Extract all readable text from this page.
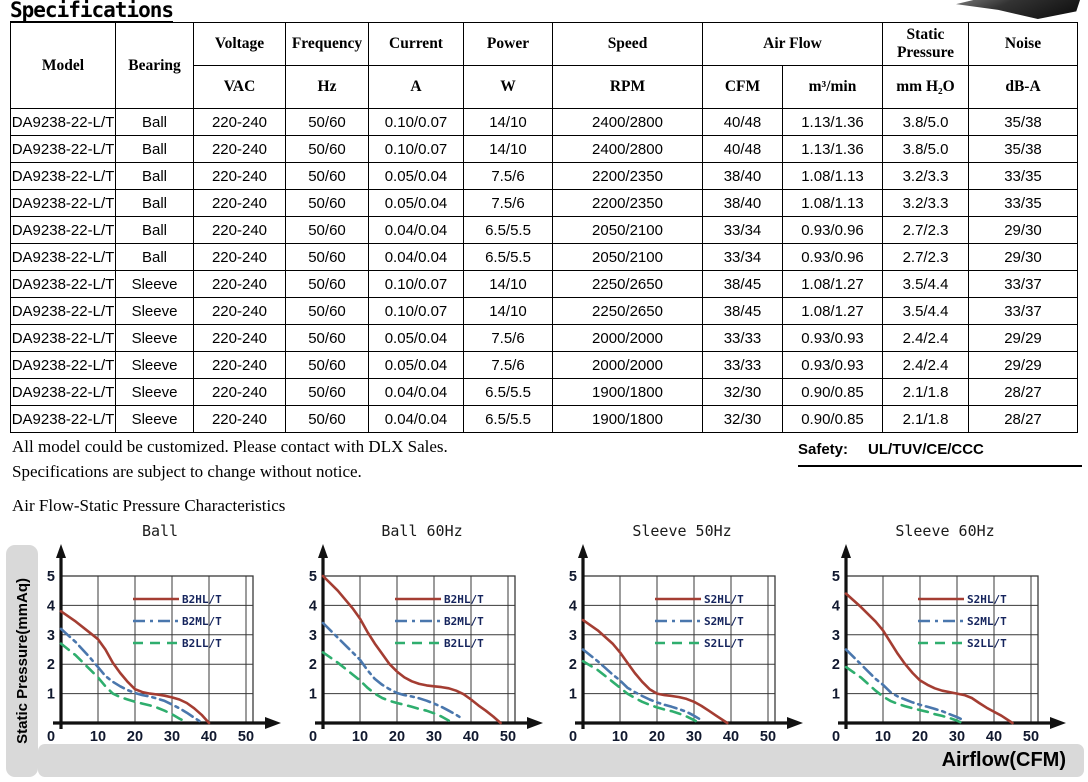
Specifications
Model	Bearing	Voltage	Frequency	Current	Power	Speed	Air Flow		Static Pressure	Noise
		VAC	Hz	A	W	RPM	CFM	m³/min	mm H₂O	dB-A
DA9238-22-L/T	Ball	220-240	50/60	0.10/0.07	14/10	2400/2800	40/48	1.13/1.36	3.8/5.0	35/38
DA9238-22-L/T	Ball	220-240	50/60	0.10/0.07	14/10	2400/2800	40/48	1.13/1.36	3.8/5.0	35/38
DA9238-22-L/T	Ball	220-240	50/60	0.05/0.04	7.5/6	2200/2350	38/40	1.08/1.13	3.2/3.3	33/35
DA9238-22-L/T	Ball	220-240	50/60	0.05/0.04	7.5/6	2200/2350	38/40	1.08/1.13	3.2/3.3	33/35
DA9238-22-L/T	Ball	220-240	50/60	0.04/0.04	6.5/5.5	2050/2100	33/34	0.93/0.96	2.7/2.3	29/30
DA9238-22-L/T	Ball	220-240	50/60	0.04/0.04	6.5/5.5	2050/2100	33/34	0.93/0.96	2.7/2.3	29/30
DA9238-22-L/T	Sleeve	220-240	50/60	0.10/0.07	14/10	2250/2650	38/45	1.08/1.27	3.5/4.4	33/37
DA9238-22-L/T	Sleeve	220-240	50/60	0.10/0.07	14/10	2250/2650	38/45	1.08/1.27	3.5/4.4	33/37
DA9238-22-L/T	Sleeve	220-240	50/60	0.05/0.04	7.5/6	2000/2000	33/33	0.93/0.93	2.4/2.4	29/29
DA9238-22-L/T	Sleeve	220-240	50/60	0.05/0.04	7.5/6	2000/2000	33/33	0.93/0.93	2.4/2.4	29/29
DA9238-22-L/T	Sleeve	220-240	50/60	0.04/0.04	6.5/5.5	1900/1800	32/30	0.90/0.85	2.1/1.8	28/27
DA9238-22-L/T	Sleeve	220-240	50/60	0.04/0.04	6.5/5.5	1900/1800	32/30	0.90/0.85	2.1/1.8	28/27
All model could be customized. Please contact with DLX Sales.
Specifications are subject to change without notice.
Safety: UL/TUV/CE/CCC
Air Flow-Static Pressure Characteristics
Static Pressure(mmAq)
Airflow(CFM)
Ball
1
2
3
4
5
0 10 20 30 40 50
B2HL/T
B2ML/T
B2LL/T
Ball 60Hz
1
2
3
4
5
0 10 20 30 40 50
B2HL/T
B2ML/T
B2LL/T
Sleeve 50Hz
1
2
3
4
5
0 10 20 30 40 50
S2HL/T
S2ML/T
S2LL/T
Sleeve 60Hz
1
2
3
4
5
0 10 20 30 40 50
S2HL/T
S2ML/T
S2LL/T
